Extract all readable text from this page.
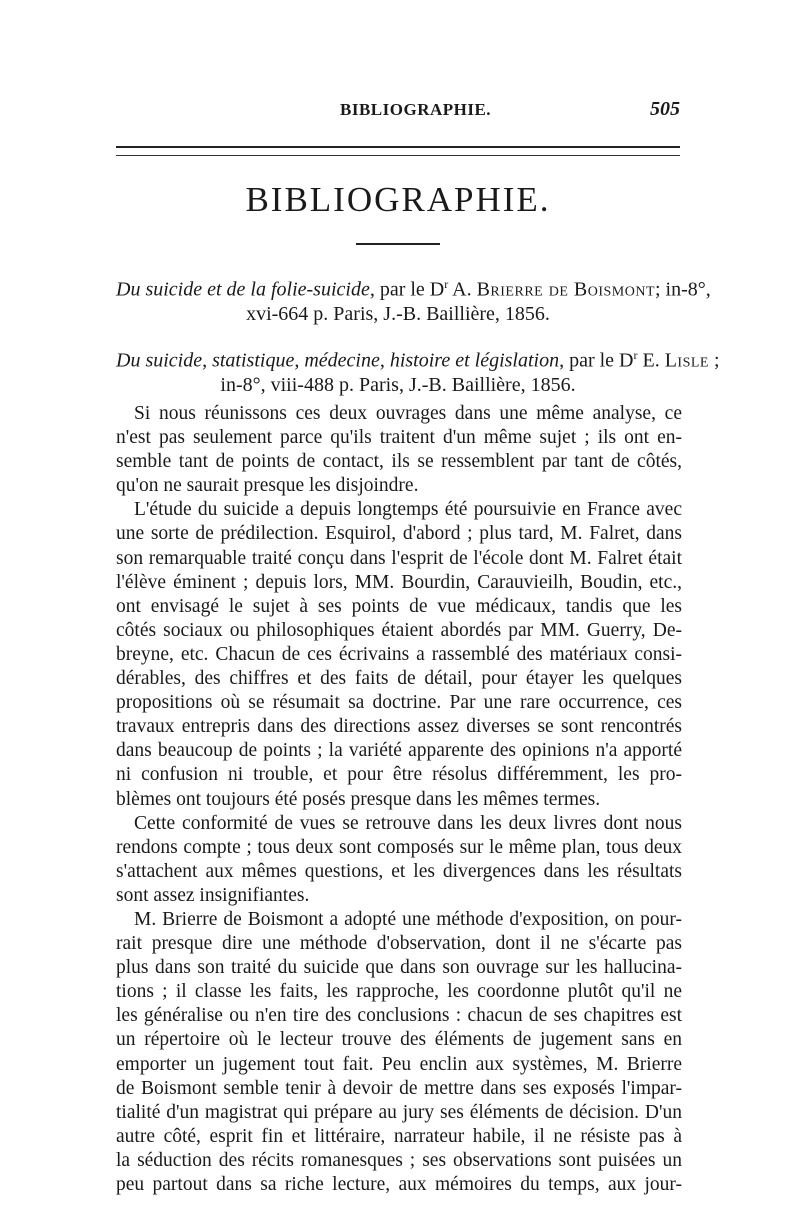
BIBLIOGRAPHIE.	505
BIBLIOGRAPHIE.
Du suicide et de la folie-suicide, par le $D^r$ A. Brierre de Boismont; in-8°,
xvi-664 p. Paris, J.-B. Baillière, 1856.
Du suicide, statistique, médecine, histoire et législation, par le $D^r$ E. Lisle ;
in-8°, viii-488 p. Paris, J.-B. Baillière, 1856.
Si nous réunissons ces deux ouvrages dans une même analyse, ce
n'est pas seulement parce qu'ils traitent d'un même sujet ; ils ont en-
semble tant de points de contact, ils se ressemblent par tant de côtés,
qu'on ne saurait presque les disjoindre.
L'étude du suicide a depuis longtemps été poursuivie en France avec
une sorte de prédilection. Esquirol, d'abord ; plus tard, M. Falret, dans
son remarquable traité conçu dans l'esprit de l'école dont M. Falret était
l'élève éminent ; depuis lors, MM. Bourdin, Carauvieilh, Boudin, etc.,
ont envisagé le sujet à ses points de vue médicaux, tandis que les
côtés sociaux ou philosophiques étaient abordés par MM. Guerry, De-
breyne, etc. Chacun de ces écrivains a rassemblé des matériaux consi-
dérables, des chiffres et des faits de détail, pour étayer les quelques
propositions où se résumait sa doctrine. Par une rare occurrence, ces
travaux entrepris dans des directions assez diverses se sont rencontrés
dans beaucoup de points ; la variété apparente des opinions n'a apporté
ni confusion ni trouble, et pour être résolus différemment, les pro-
blèmes ont toujours été posés presque dans les mêmes termes.
Cette conformité de vues se retrouve dans les deux livres dont nous
rendons compte ; tous deux sont composés sur le même plan, tous deux
s'attachent aux mêmes questions, et les divergences dans les résultats
sont assez insignifiantes.
M. Brierre de Boismont a adopté une méthode d'exposition, on pour-
rait presque dire une méthode d'observation, dont il ne s'écarte pas
plus dans son traité du suicide que dans son ouvrage sur les hallucina-
tions ; il classe les faits, les rapproche, les coordonne plutôt qu'il ne
les généralise ou n'en tire des conclusions : chacun de ses chapitres est
un répertoire où le lecteur trouve des éléments de jugement sans en
emporter un jugement tout fait. Peu enclin aux systèmes, M. Brierre
de Boismont semble tenir à devoir de mettre dans ses exposés l'impar-
tialité d'un magistrat qui prépare au jury ses éléments de décision. D'un
autre côté, esprit fin et littéraire, narrateur habile, il ne résiste pas à
la séduction des récits romanesques ; ses observations sont puisées un
peu partout dans sa riche lecture, aux mémoires du temps, aux jour-
